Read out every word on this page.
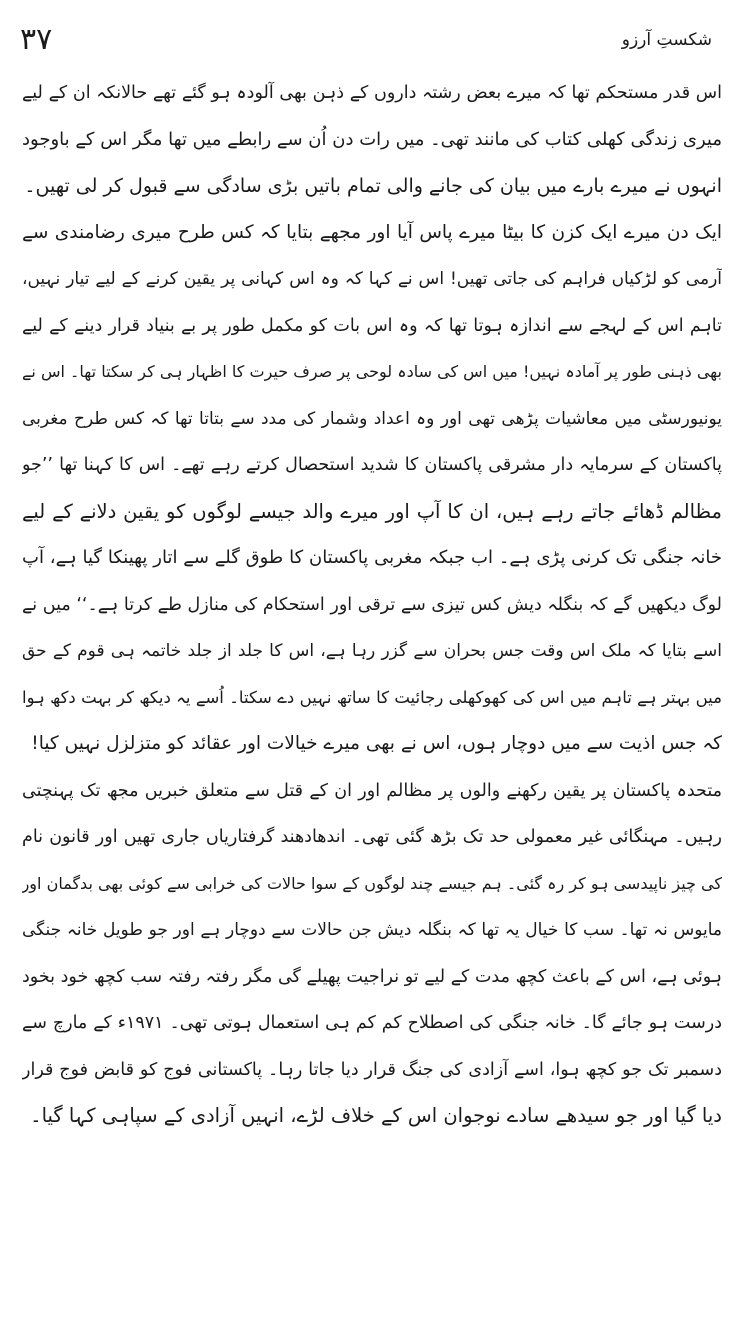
۳۷	شکستِ آرزو
اس قدر مستحکم تھا کہ میرے بعض رشتہ داروں کے ذہن بھی آلودہ ہو گئے تھے حالانکہ ان کے لیے
میری زندگی کھلی کتاب کی مانند تھی۔ میں رات دن اُن سے رابطے میں تھا مگر اس کے باوجود
انہوں نے میرے بارے میں بیان کی جانے والی تمام باتیں بڑی سادگی سے قبول کر لی تھیں۔
ایک دن میرے ایک کزن کا بیٹا میرے پاس آیا اور مجھے بتایا کہ کس طرح میری رضامندی سے
آرمی کو لڑکیاں فراہم کی جاتی تھیں! اس نے کہا کہ وہ اس کہانی پر یقین کرنے کے لیے تیار نہیں،
تاہم اس کے لہجے سے اندازہ ہوتا تھا کہ وہ اس بات کو مکمل طور پر بے بنیاد قرار دینے کے لیے
بھی ذہنی طور پر آمادہ نہیں! میں اس کی سادہ لوحی پر صرف حیرت کا اظہار ہی کر سکتا تھا۔ اس نے
یونیورسٹی میں معاشیات پڑھی تھی اور وہ اعداد وشمار کی مدد سے بتاتا تھا کہ کس طرح مغربی
پاکستان کے سرمایہ دار مشرقی پاکستان کا شدید استحصال کرتے رہے تھے۔ اس کا کہنا تھا ’’جو
مظالم ڈھائے جاتے رہے ہیں، ان کا آپ اور میرے والد جیسے لوگوں کو یقین دلانے کے لیے
خانہ جنگی تک کرنی پڑی ہے۔ اب جبکہ مغربی پاکستان کا طوق گلے سے اتار پھینکا گیا ہے، آپ
لوگ دیکھیں گے کہ بنگلہ دیش کس تیزی سے ترقی اور استحکام کی منازل طے کرتا ہے۔‘‘ میں نے
اسے بتایا کہ ملک اس وقت جس بحران سے گزر رہا ہے، اس کا جلد از جلد خاتمہ ہی قوم کے حق
میں بہتر ہے تاہم میں اس کی کھوکھلی رجائیت کا ساتھ نہیں دے سکتا۔ اُسے یہ دیکھ کر بہت دکھ ہوا
کہ جس اذیت سے میں دوچار ہوں، اس نے بھی میرے خیالات اور عقائد کو متزلزل نہیں کیا!
متحدہ پاکستان پر یقین رکھنے والوں پر مظالم اور ان کے قتل سے متعلق خبریں مجھ تک پہنچتی
رہیں۔ مہنگائی غیر معمولی حد تک بڑھ گئی تھی۔ اندھادھند گرفتاریاں جاری تھیں اور قانون نام
کی چیز ناپیدسی ہو کر رہ گئی۔ ہم جیسے چند لوگوں کے سوا حالات کی خرابی سے کوئی بھی بدگمان اور
مایوس نہ تھا۔ سب کا خیال یہ تھا کہ بنگلہ دیش جن حالات سے دوچار ہے اور جو طویل خانہ جنگی
ہوئی ہے، اس کے باعث کچھ مدت کے لیے تو نراجیت پھیلے گی مگر رفتہ رفتہ سب کچھ خود بخود
درست ہو جائے گا۔ خانہ جنگی کی اصطلاح کم کم ہی استعمال ہوتی تھی۔ ۱۹۷۱ء کے مارچ سے
دسمبر تک جو کچھ ہوا، اسے آزادی کی جنگ قرار دیا جاتا رہا۔ پاکستانی فوج کو قابض فوج قرار
دیا گیا اور جو سیدھے سادے نوجوان اس کے خلاف لڑے، انہیں آزادی کے سپاہی کہا گیا۔
